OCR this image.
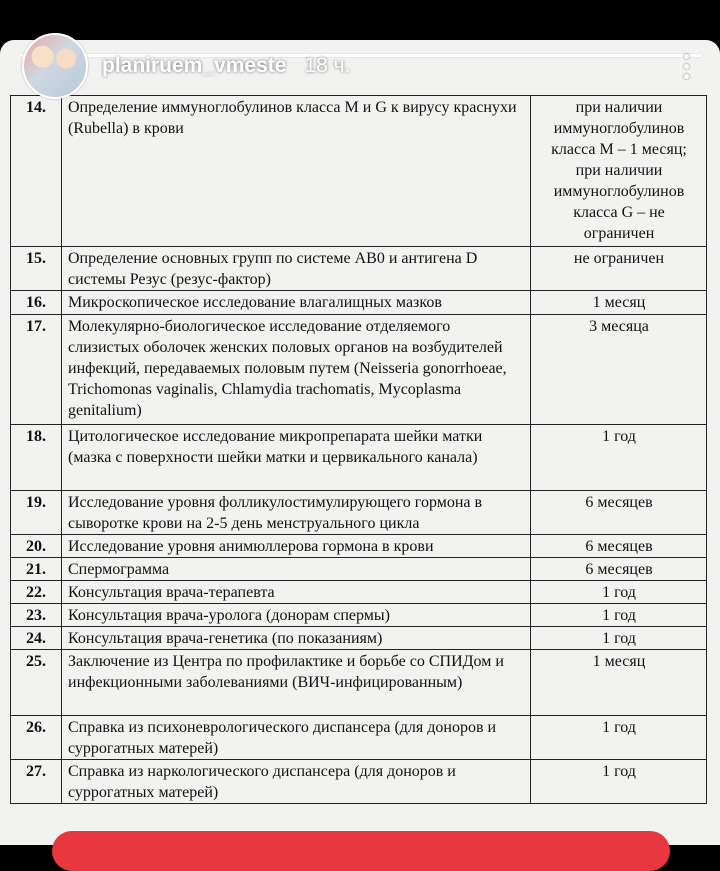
planiruem_vmeste 18 ч.
14.	Определение иммуноглобулинов класса М и G к вирусу краснухи (Rubella) в крови	при наличии иммуноглобулинов класса М – 1 месяц; при наличии иммуноглобулинов класса G – не ограничен
15.	Определение основных групп по системе АВ0 и антигена D системы Резус (резус-фактор)	не ограничен
16.	Микроскопическое исследование влагалищных мазков	1 месяц
17.	Молекулярно-биологическое исследование отделяемого слизистых оболочек женских половых органов на возбудителей инфекций, передаваемых половым путем (Neisseria gonorrhoeae, Trichomonas vaginalis, Chlamydia trachomatis, Mycoplasma genitalium)	3 месяца
18.	Цитологическое исследование микропрепарата шейки матки (мазка с поверхности шейки матки и цервикального канала)	1 год
19.	Исследование уровня фолликулостимулирующего гормона в сыворотке крови на 2-5 день менструального цикла	6 месяцев
20.	Исследование уровня анимюллерова гормона в крови	6 месяцев
21.	Спермограмма	6 месяцев
22.	Консультация врача-терапевта	1 год
23.	Консультация врача-уролога (донорам спермы)	1 год
24.	Консультация врача-генетика (по показаниям)	1 год
25.	Заключение из Центра по профилактике и борьбе со СПИДом и инфекционными заболеваниями (ВИЧ-инфицированным)	1 месяц
26.	Справка из психоневрологического диспансера (для доноров и суррогатных матерей)	1 год
27.	Справка из наркологического диспансера (для доноров и суррогатных матерей)	1 год
